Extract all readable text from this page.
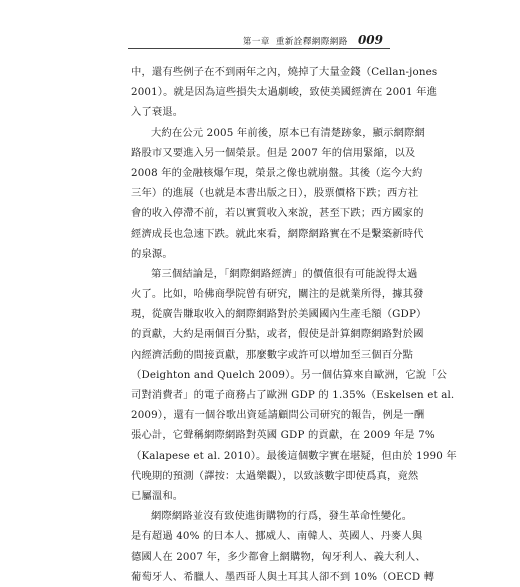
第一章 重新詮釋網際網路 009
中，還有些例子在不到兩年之內，燒掉了大量金錢（Cellan-jones
2001）。就是因為這些損失太過劇峻，致使美國經濟在 2001 年進
入了衰退。
大約在公元 2005 年前後，原本已有清楚跡象，顯示網際網
路股市又要進入另一個榮景。但是 2007 年的信用緊縮，以及
2008 年的金融核爆乍現，榮景之像也就崩盤。其後（迄今大約
三年）的進展（也就是本書出版之日），股票價格下跌；西方社
會的收入停滯不前，若以實質收入來說，甚至下跌；西方國家的
經濟成長也急速下跌。就此來看，網際網路實在不是繫築新時代
的泉源。
第三個結論是，「網際網路經濟」的價值很有可能說得太過
火了。比如，哈佛商學院曾有研究，關注的是就業所得，據其發
現，從廣告賺取收入的網際網路對於美國國內生產毛額（GDP）
的貢獻，大約是兩個百分點，或者，假使是計算網際網路對於國
內經濟活動的間接貢獻，那麼數字或許可以增加至三個百分點
（Deighton and Quelch 2009）。另一個估算來自歐洲，它說「公
司對消費者」的電子商務占了歐洲 GDP 的 1.35%（Eskelsen et al.
2009），還有一個谷歌出資延請顧問公司研究的報告，例是一酬
張心計，它聲稱網際網路對英國 GDP 的貢獻，在 2009 年是 7%
（Kalapese et al. 2010）。最後這個數字實在堪疑，但由於 1990 年
代晚期的預測（譯按：太過樂觀），以致該數字即使爲真，竟然
已屬溫和。
網際網路並沒有致使進街購物的行爲，發生革命性變化。
是有超過 40% 的日本人、挪威人、南韓人、英國人、丹麥人與
德國人在 2007 年，多少都會上網購物，匈牙利人、義大利人、
葡萄牙人、希臘人、墨西哥人與土耳其人卻不到 10%（OECD 轉
